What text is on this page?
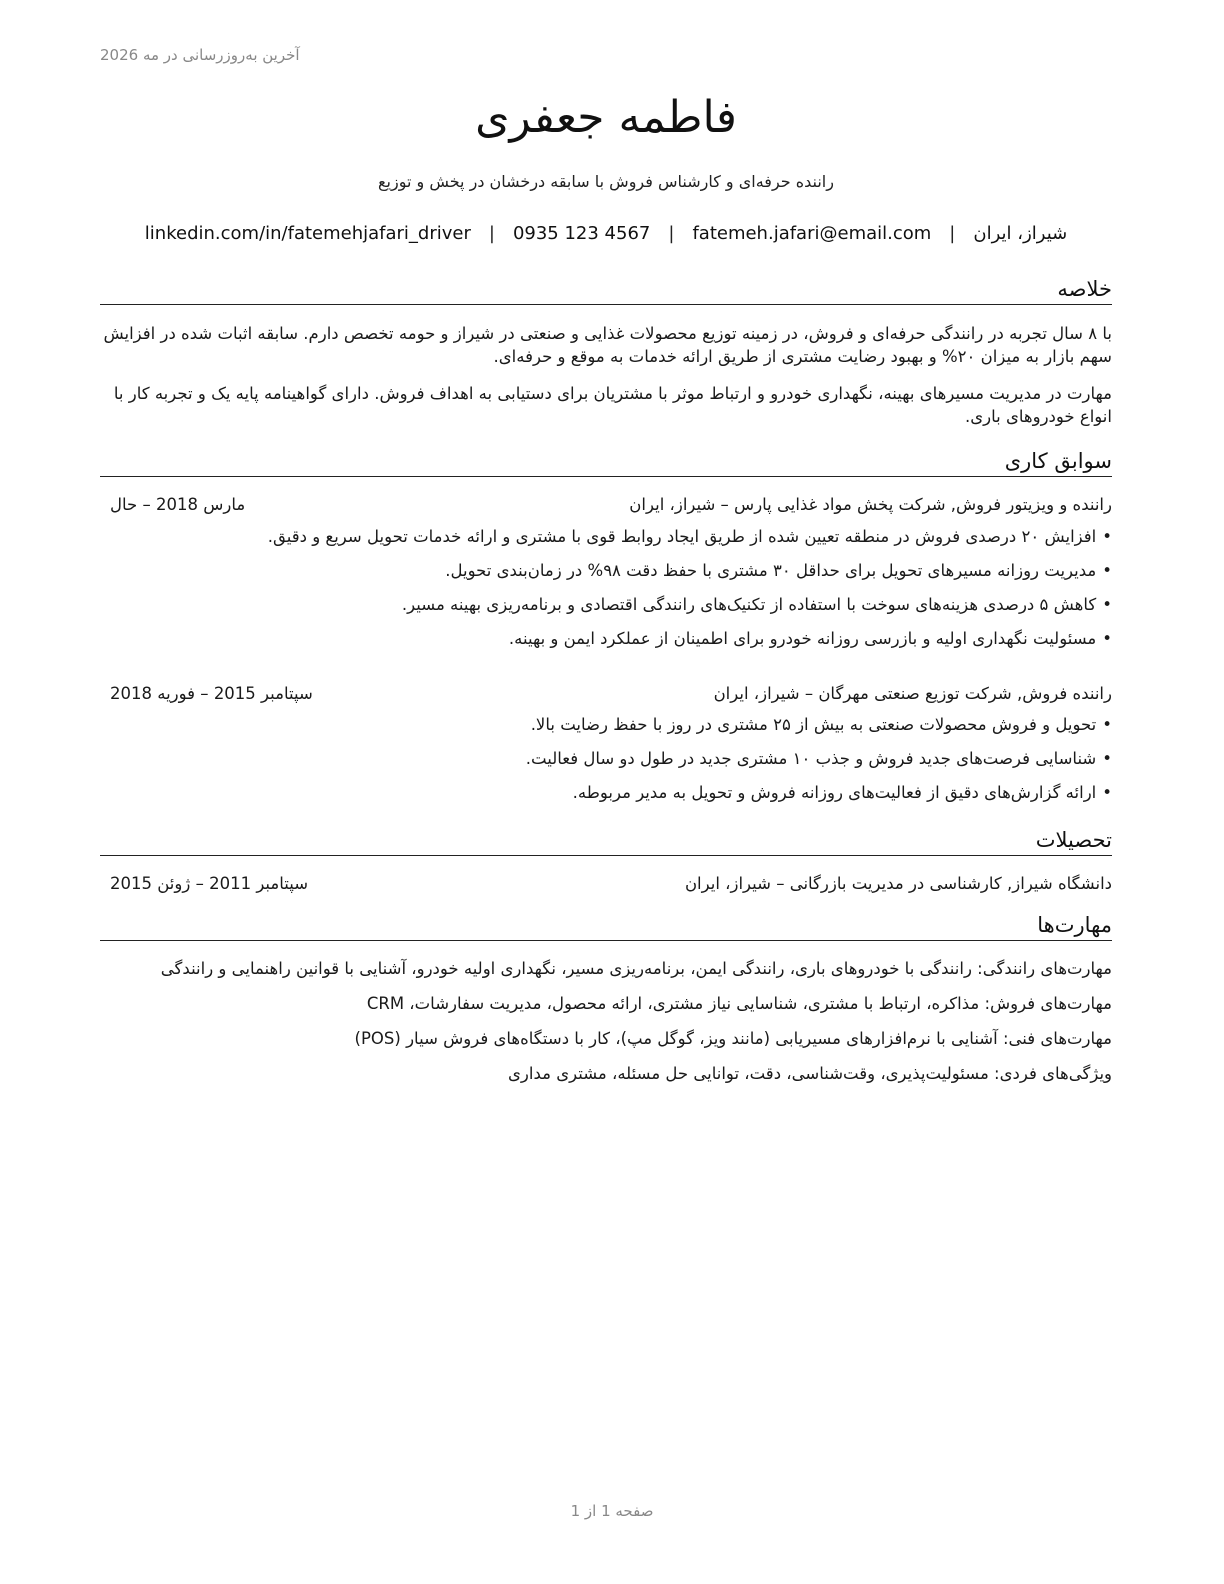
آخرین به‌روزرسانی در مه 2026
فاطمه جعفری
راننده حرفه‌ای و کارشناس فروش با سابقه درخشان در پخش و توزیع
شیراز، ایران
|
fatemeh.jafari@email.com
|
0935 123 4567
|
linkedin.com/in/fatemehjafari_driver
خلاصه
با ۸ سال تجربه در رانندگی حرفه‌ای و فروش، در زمینه توزیع محصولات غذایی و صنعتی در شیراز و حومه تخصص دارم. سابقه اثبات شده در افزایش سهم بازار به میزان ۲۰% و بهبود رضایت مشتری از طریق ارائه خدمات به موقع و حرفه‌ای.
مهارت در مدیریت مسیرهای بهینه، نگهداری خودرو و ارتباط موثر با مشتریان برای دستیابی به اهداف فروش. دارای گواهینامه پایه یک و تجربه کار با انواع خودروهای باری.
سوابق کاری
راننده و ویزیتور فروش, شرکت پخش مواد غذایی پارس – شیراز، ایران
مارس 2018 – حال
•افزایش ۲۰ درصدی فروش در منطقه تعیین شده از طریق ایجاد روابط قوی با مشتری و ارائه خدمات تحویل سریع و دقیق.
•مدیریت روزانه مسیرهای تحویل برای حداقل ۳۰ مشتری با حفظ دقت ۹۸% در زمان‌بندی تحویل.
•کاهش ۵ درصدی هزینه‌های سوخت با استفاده از تکنیک‌های رانندگی اقتصادی و برنامه‌ریزی بهینه مسیر.
•مسئولیت نگهداری اولیه و بازرسی روزانه خودرو برای اطمینان از عملکرد ایمن و بهینه.
راننده فروش, شرکت توزیع صنعتی مهرگان – شیراز، ایران
سپتامبر 2015 – فوریه 2018
•تحویل و فروش محصولات صنعتی به بیش از ۲۵ مشتری در روز با حفظ رضایت بالا.
•شناسایی فرصت‌های جدید فروش و جذب ۱۰ مشتری جدید در طول دو سال فعالیت.
•ارائه گزارش‌های دقیق از فعالیت‌های روزانه فروش و تحویل به مدیر مربوطه.
تحصیلات
دانشگاه شیراز, کارشناسی در مدیریت بازرگانی – شیراز، ایران
سپتامبر 2011 – ژوئن 2015
مهارت‌ها
مهارت‌های رانندگی: رانندگی با خودروهای باری، رانندگی ایمن، برنامه‌ریزی مسیر، نگهداری اولیه خودرو، آشنایی با قوانین راهنمایی و رانندگی
مهارت‌های فروش: مذاکره، ارتباط با مشتری، شناسایی نیاز مشتری، ارائه محصول، مدیریت سفارشات، CRM
مهارت‌های فنی: آشنایی با نرم‌افزارهای مسیریابی (مانند ویز، گوگل مپ)، کار با دستگاه‌های فروش سیار (POS)
ویژگی‌های فردی: مسئولیت‌پذیری، وقت‌شناسی، دقت، توانایی حل مسئله، مشتری مداری
صفحه 1 از 1
